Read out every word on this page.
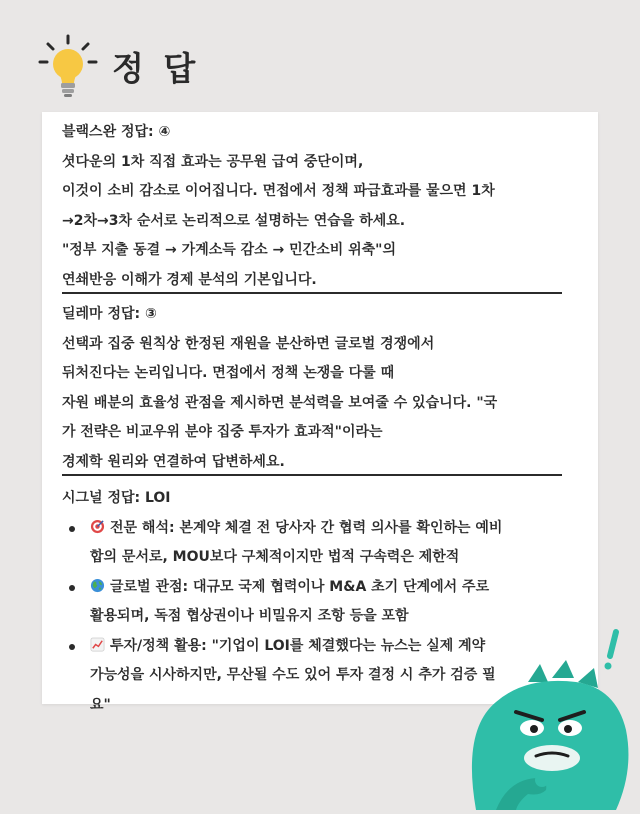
정 답
블랙스완 정답: ④
셧다운의 1차 직접 효과는 공무원 급여 중단이며,
이것이 소비 감소로 이어집니다. 면접에서 정책 파급효과를 물으면 1차
→2차→3차 순서로 논리적으로 설명하는 연습을 하세요.
"정부 지출 동결 → 가계소득 감소 → 민간소비 위축"의
연쇄반응 이해가 경제 분석의 기본입니다.
딜레마 정답: ③
선택과 집중 원칙상 한정된 재원을 분산하면 글로벌 경쟁에서
뒤처진다는 논리입니다. 면접에서 정책 논쟁을 다룰 때
자원 배분의 효율성 관점을 제시하면 분석력을 보여줄 수 있습니다. "국
가 전략은 비교우위 분야 집중 투자가 효과적"이라는
경제학 원리와 연결하여 답변하세요.
시그널 정답: LOI
전문 해석: 본계약 체결 전 당사자 간 협력 의사를 확인하는 예비
합의 문서로, MOU보다 구체적이지만 법적 구속력은 제한적
글로벌 관점: 대규모 국제 협력이나 M&A 초기 단계에서 주로
활용되며, 독점 협상권이나 비밀유지 조항 등을 포함
투자/정책 활용: "기업이 LOI를 체결했다는 뉴스는 실제 계약
가능성을 시사하지만, 무산될 수도 있어 투자 결정 시 추가 검증 필
요"
